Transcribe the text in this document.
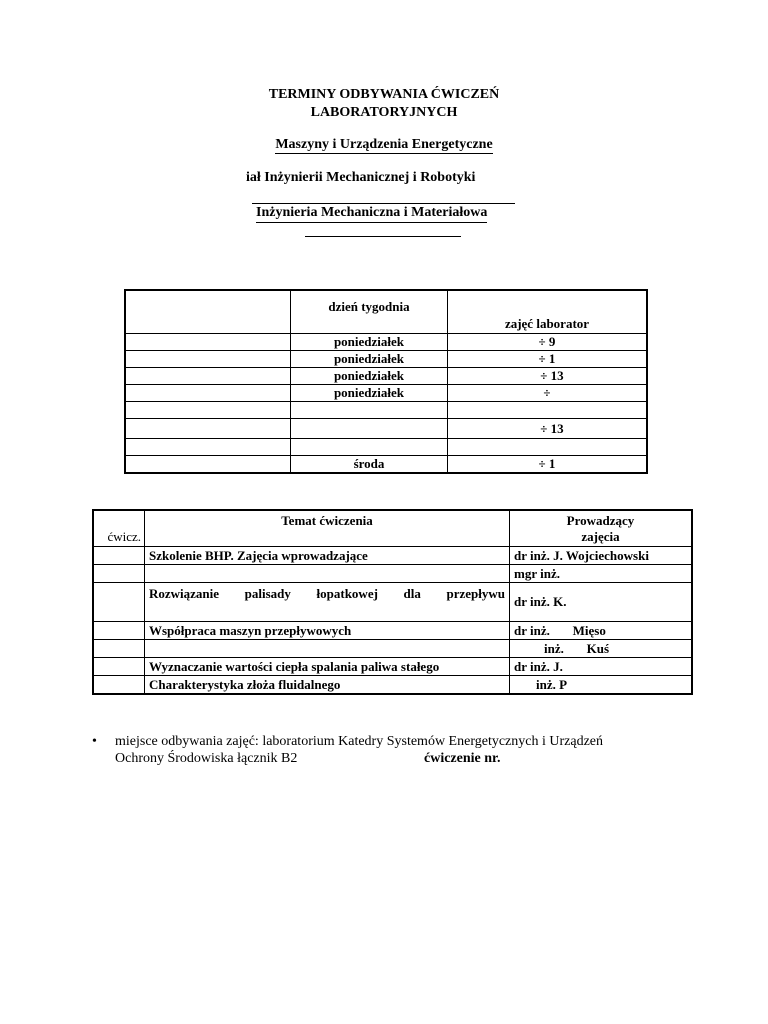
TERMINY ODBYWANIA ĆWICZEŃ
LABORATORYJNYCH
Maszyny i Urządzenia Energetyczne
iał Inżynierii Mechanicznej i Robotyki
Inżynieria Mechaniczna i Materiałowa
	dzień tygodnia	zajęć laborator
	poniedziałek	÷ 9
	poniedziałek	÷ 1
	poniedziałek	÷ 13
	poniedziałek	÷

		÷ 13

	środa	÷ 1
ćwicz.	Temat ćwiczenia	Prowadzący
zajęcia

	Szkolenie BHP. Zajęcia wprowadzające	dr inż. J. Wojciechowski
		mgr inż.
	Rozwiązanie palisady łopatkowej dla przepływu	dr inż. K.
	Współpraca maszyn przepływowych	dr inż.       Mięso
		inż.       Kuś
	Wyznaczanie wartości ciepła spalania paliwa stałego	dr inż. J.
	Charakterystyka złoża fluidalnego	inż. P
• miejsce odbywania zajęć: laboratorium Katedry Systemów Energetycznych i Urządzeń
Ochrony Środowiska łącznik B2	ćwiczenie nr.
